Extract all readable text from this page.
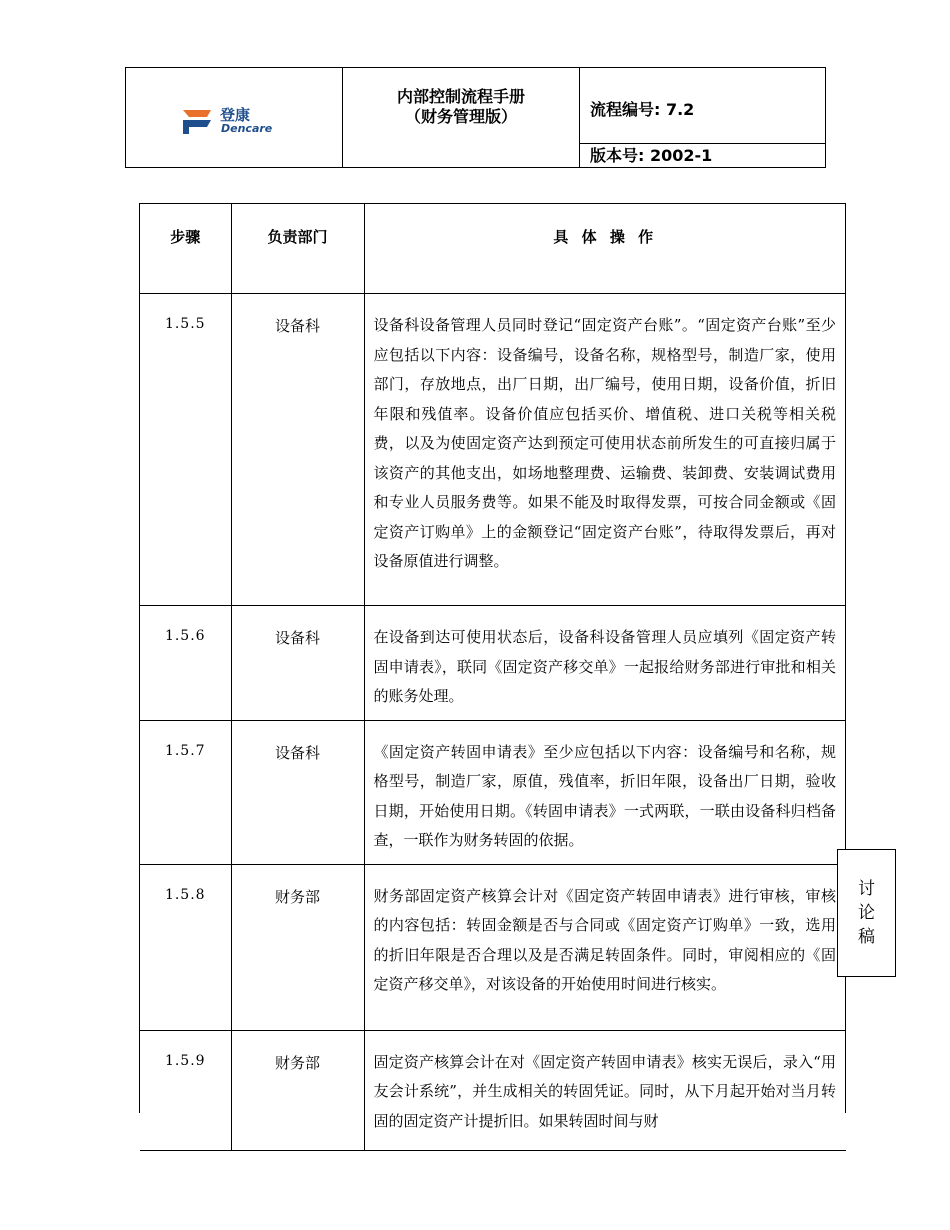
登康
Dencare
内部控制流程手册
（财务管理版）	流程编号: 7.2
版本号: 2002-1
步骤	负责部门	具 体 操 作
1.5.5	设备科	设备科设备管理人员同时登记“固定资产台账”。“固定资产台账”至少应包括以下内容：设备编号，设备名称，规格型号，制造厂家，使用部门，存放地点，出厂日期，出厂编号，使用日期，设备价值，折旧年限和残值率。设备价值应包括买价、增值税、进口关税等相关税费，以及为使固定资产达到预定可使用状态前所发生的可直接归属于该资产的其他支出，如场地整理费、运输费、装卸费、安装调试费用和专业人员服务费等。如果不能及时取得发票，可按合同金额或《固定资产订购单》上的金额登记“固定资产台账”，待取得发票后，再对设备原值进行调整。
1.5.6	设备科	在设备到达可使用状态后，设备科设备管理人员应填列《固定资产转固申请表》，联同《固定资产移交单》一起报给财务部进行审批和相关的账务处理。
1.5.7	设备科	《固定资产转固申请表》至少应包括以下内容：设备编号和名称，规格型号，制造厂家，原值，残值率，折旧年限，设备出厂日期，验收日期，开始使用日期。《转固申请表》一式两联，一联由设备科归档备查，一联作为财务转固的依据。
1.5.8	财务部	财务部固定资产核算会计对《固定资产转固申请表》进行审核，审核的内容包括：转固金额是否与合同或《固定资产订购单》一致，选用的折旧年限是否合理以及是否满足转固条件。同时，审阅相应的《固定资产移交单》，对该设备的开始使用时间进行核实。
1.5.9	财务部	固定资产核算会计在对《固定资产转固申请表》核实无误后，录入“用友会计系统”，并生成相关的转固凭证。同时，从下月起开始对当月转固的固定资产计提折旧。如果转固时间与财
讨论稿
